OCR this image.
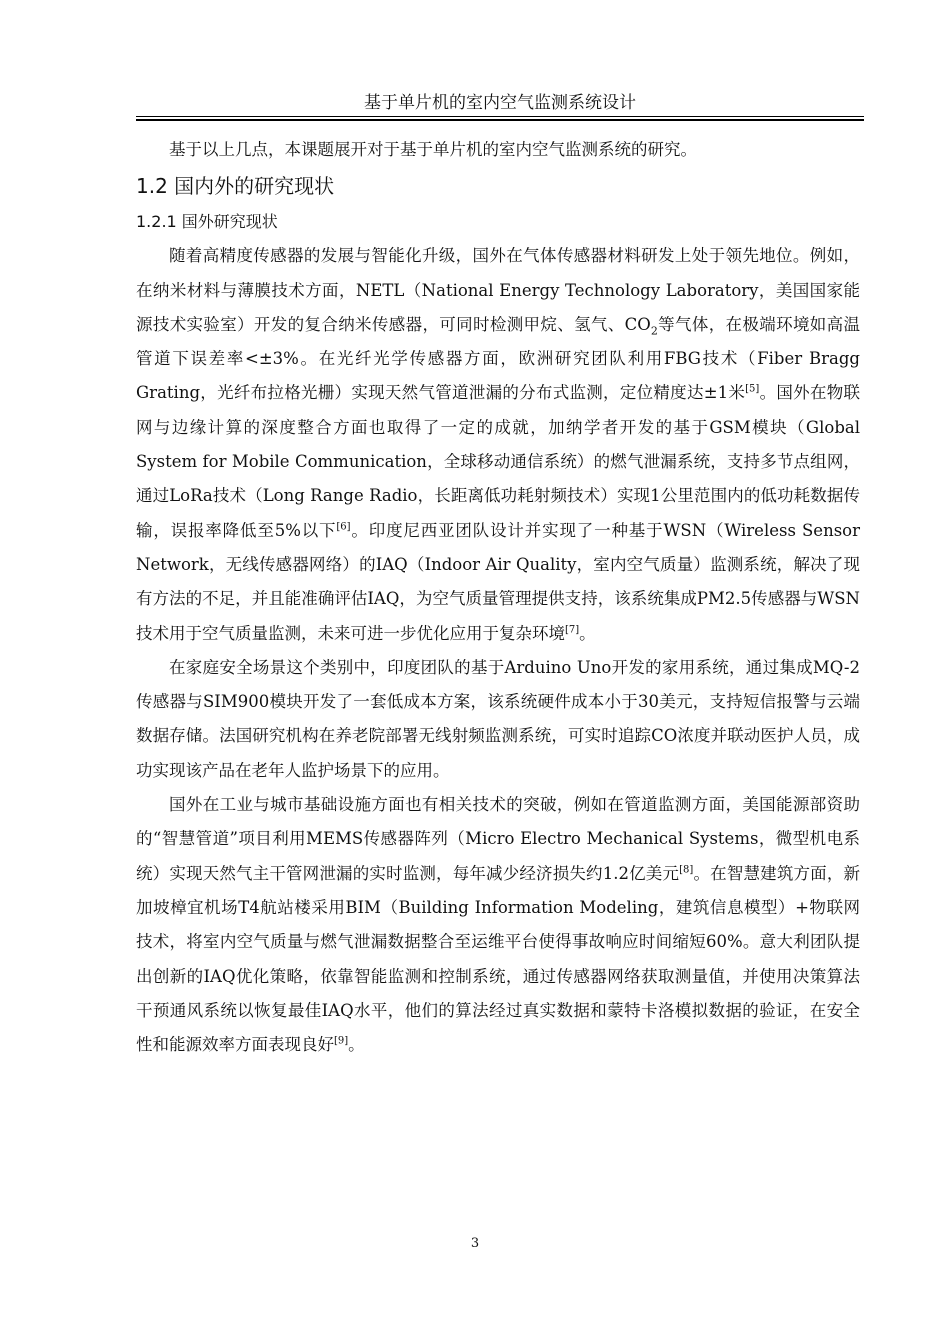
基于单片机的室内空气监测系统设计

基于以上几点，本课题展开对于基于单片机的室内空气监测系统的研究。

1.2 国内外的研究现状
1.2.1 国外研究现状

随着高精度传感器的发展与智能化升级，国外在气体传感器材料研发上处于领先地位。例如，在纳米材料与薄膜技术方面，NETL（National Energy Technology Laboratory，美国国家能源技术实验室）开发的复合纳米传感器，可同时检测甲烷、氢气、$CO_2$等气体，在极端环境如高温管道下误差率<±3%。在光纤光学传感器方面，欧洲研究团队利用FBG技术（Fiber Bragg Grating，光纤布拉格光栅）实现天然气管道泄漏的分布式监测，定位精度达±1米[5]。国外在物联网与边缘计算的深度整合方面也取得了一定的成就，加纳学者开发的基于GSM模块（Global System for Mobile Communication，全球移动通信系统）的燃气泄漏系统，支持多节点组网，通过LoRa技术（Long Range Radio，长距离低功耗射频技术）实现1公里范围内的低功耗数据传输，误报率降低至5%以下[6]。印度尼西亚团队设计并实现了一种基于WSN（Wireless Sensor Network，无线传感器网络）的IAQ（Indoor Air Quality，室内空气质量）监测系统，解决了现有方法的不足，并且能准确评估IAQ，为空气质量管理提供支持，该系统集成PM2.5传感器与WSN技术用于空气质量监测，未来可进一步优化应用于复杂环境[7]。

在家庭安全场景这个类别中，印度团队的基于Arduino Uno开发的家用系统，通过集成MQ-2传感器与SIM900模块开发了一套低成本方案，该系统硬件成本小于30美元，支持短信报警与云端数据存储。法国研究机构在养老院部署无线射频监测系统，可实时追踪CO浓度并联动医护人员，成功实现该产品在老年人监护场景下的应用。

国外在工业与城市基础设施方面也有相关技术的突破，例如在管道监测方面，美国能源部资助的“智慧管道”项目利用MEMS传感器阵列（Micro Electro Mechanical Systems，微型机电系统）实现天然气主干管网泄漏的实时监测，每年减少经济损失约1.2亿美元[8]。在智慧建筑方面，新加坡樟宜机场T4航站楼采用BIM（Building Information Modeling，建筑信息模型）+物联网技术，将室内空气质量与燃气泄漏数据整合至运维平台使得事故响应时间缩短60%。意大利团队提出创新的IAQ优化策略，依靠智能监测和控制系统，通过传感器网络获取测量值，并使用决策算法干预通风系统以恢复最佳IAQ水平，他们的算法经过真实数据和蒙特卡洛模拟数据的验证，在安全性和能源效率方面表现良好[9]。

3
